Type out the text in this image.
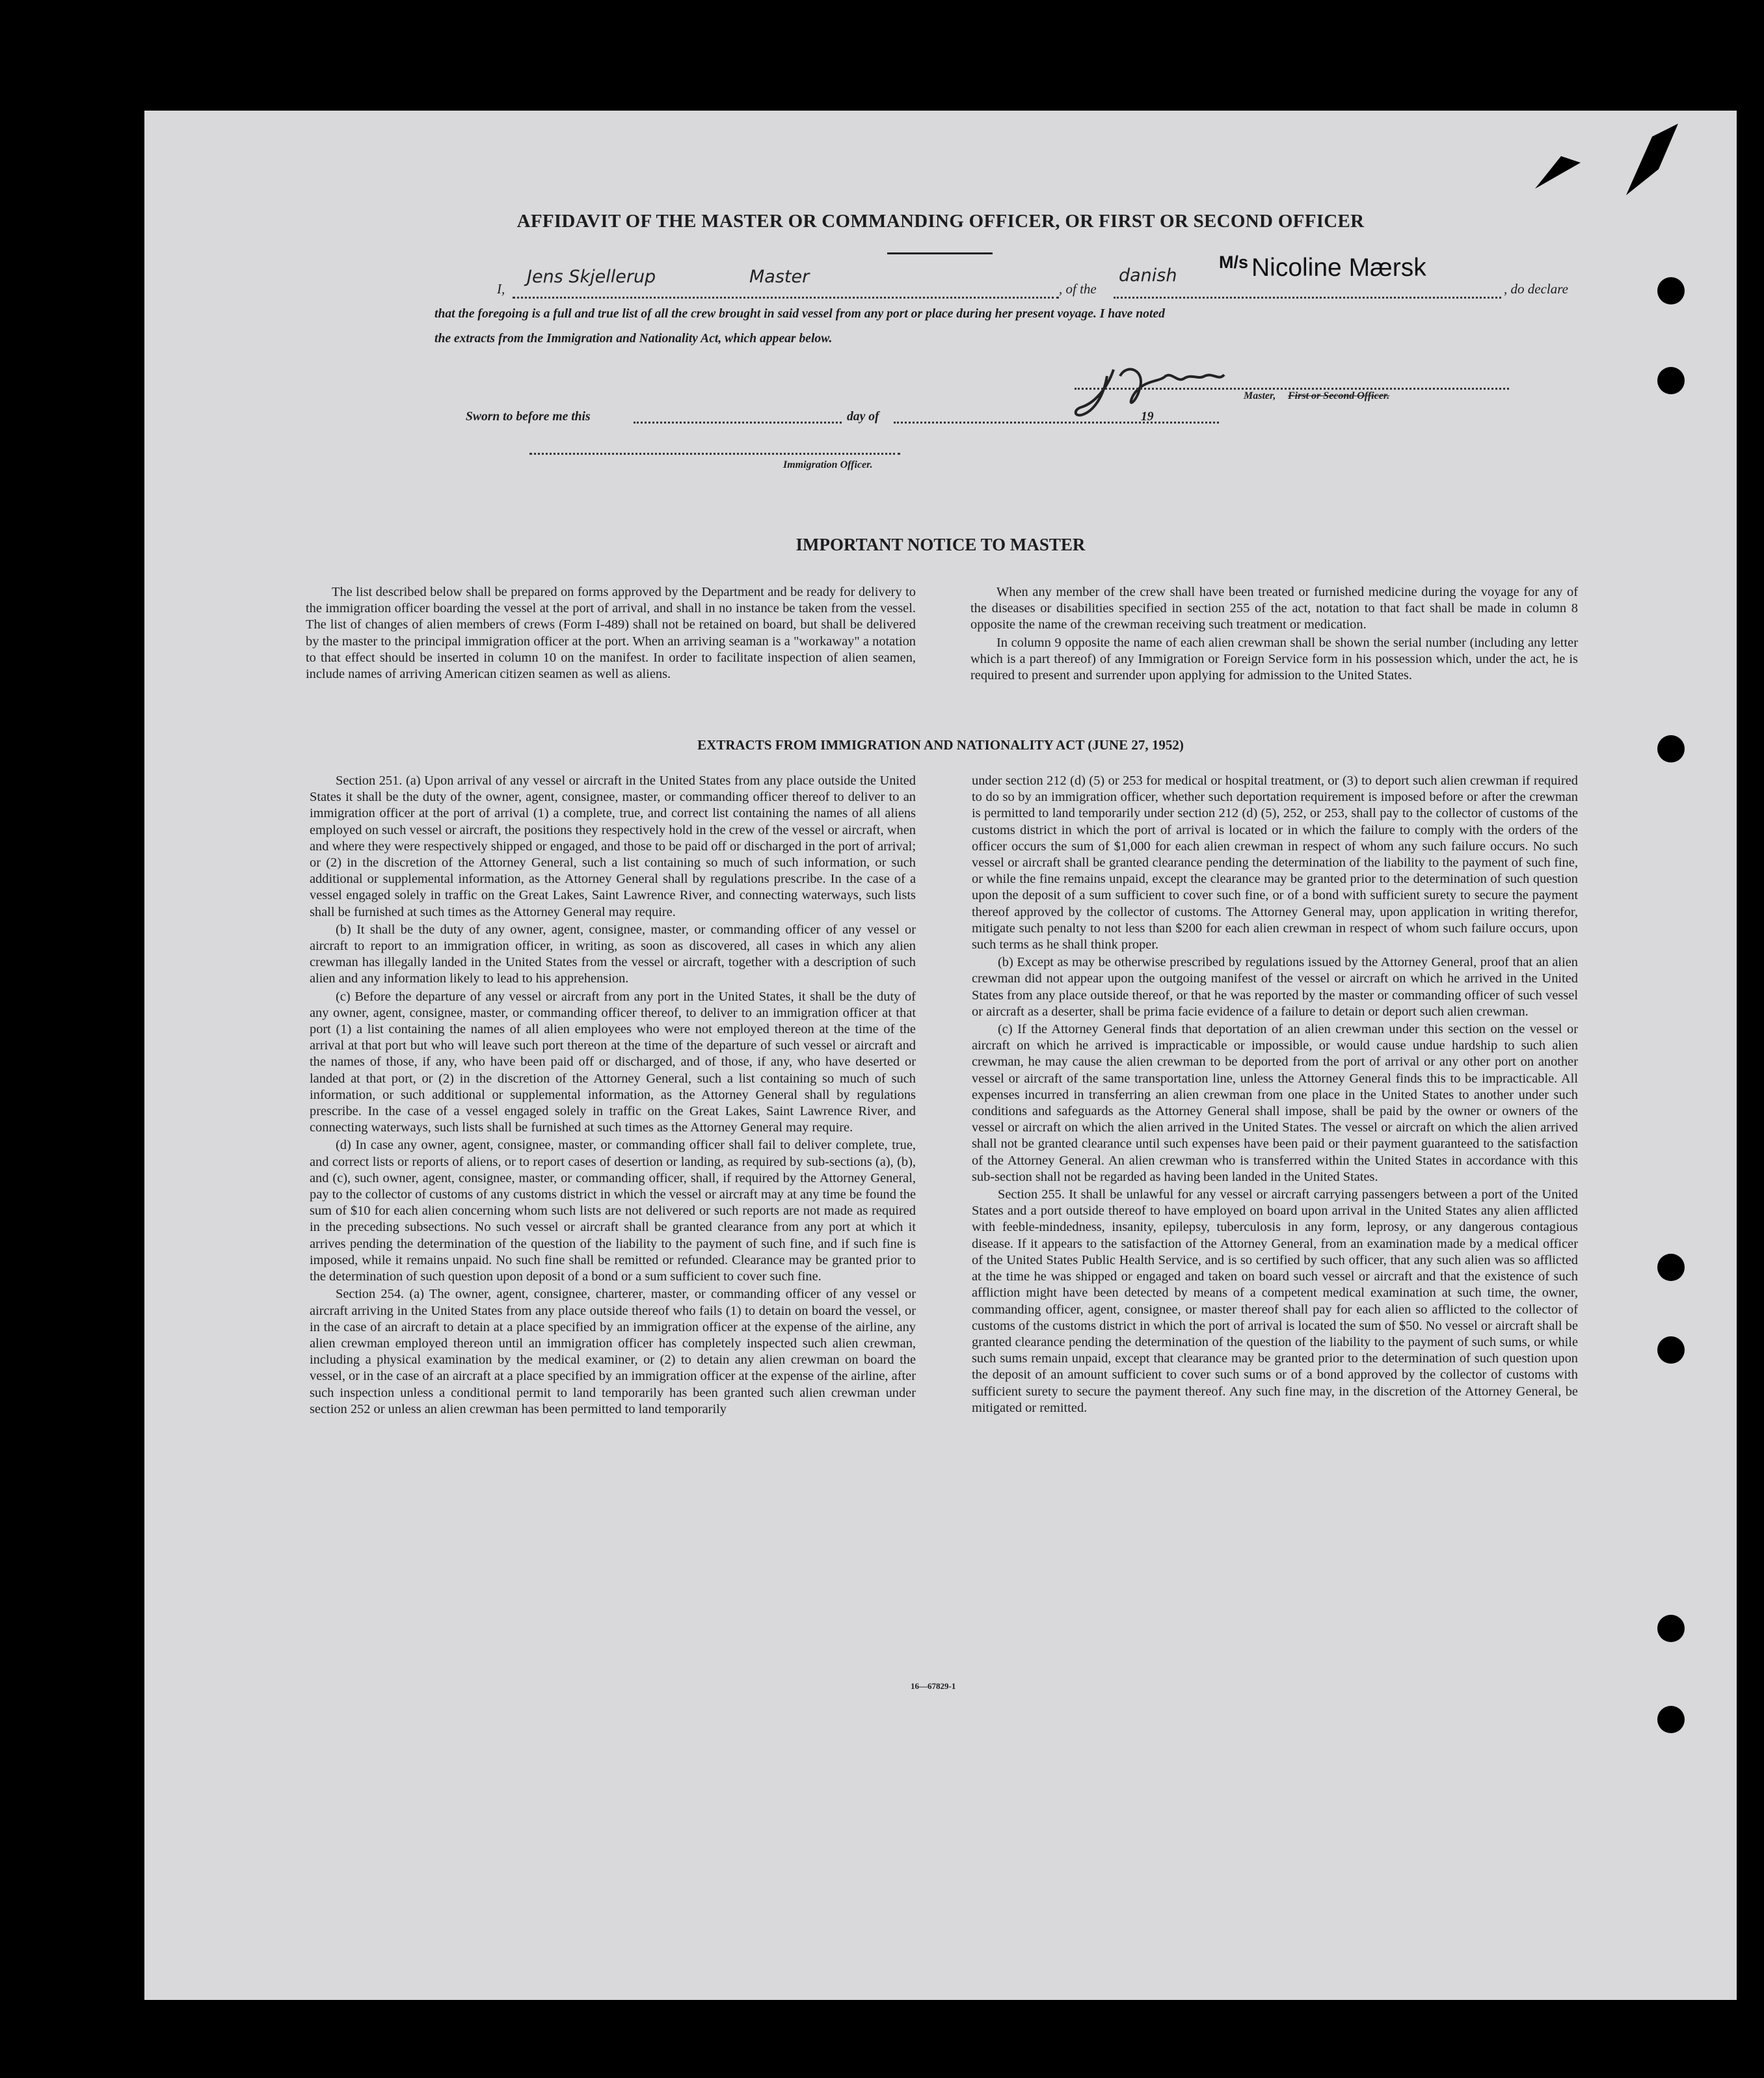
AFFIDAVIT OF THE MASTER OR COMMANDING OFFICER, OR FIRST OR SECOND OFFICER
I,
Jens Skjellerup	Master
, of the
danish
M/s Nicoline Mærsk
, do declare
that the foregoing is a full and true list of all the crew brought in said vessel from any port or place during her present voyage. I have noted
the extracts from the Immigration and Nationality Act, which appear below.
Master, First or Second Officer.
Sworn to before me this	day of	19
Immigration Officer.
IMPORTANT NOTICE TO MASTER

The list described below shall be prepared on forms approved by the Department and be ready for delivery to the immigration officer boarding the vessel at the port of arrival, and shall in no instance be taken from the vessel. The list of changes of alien members of crews (Form I-489) shall not be retained on board, but shall be delivered by the master to the principal immigration officer at the port. When an arriving seaman is a "workaway" a notation to that effect should be inserted in column 10 on the manifest. In order to facilitate inspection of alien seamen, include names of arriving American citizen seamen as well as aliens.

When any member of the crew shall have been treated or furnished medicine during the voyage for any of the diseases or disabilities specified in section 255 of the act, notation to that fact shall be made in column 8 opposite the name of the crewman receiving such treatment or medication.

In column 9 opposite the name of each alien crewman shall be shown the serial number (including any letter which is a part thereof) of any Immigration or Foreign Service form in his possession which, under the act, he is required to present and surrender upon applying for admission to the United States.

EXTRACTS FROM IMMIGRATION AND NATIONALITY ACT (JUNE 27, 1952)

Section 251. (a) Upon arrival of any vessel or aircraft in the United States from any place outside the United States it shall be the duty of the owner, agent, consignee, master, or commanding officer thereof to deliver to an immigration officer at the port of arrival (1) a complete, true, and correct list containing the names of all aliens employed on such vessel or aircraft, the positions they respectively hold in the crew of the vessel or aircraft, when and where they were respectively shipped or engaged, and those to be paid off or discharged in the port of arrival; or (2) in the discretion of the Attorney General, such a list containing so much of such information, or such additional or supplemental information, as the Attorney General shall by regulations prescribe. In the case of a vessel engaged solely in traffic on the Great Lakes, Saint Lawrence River, and connecting waterways, such lists shall be furnished at such times as the Attorney General may require.

(b) It shall be the duty of any owner, agent, consignee, master, or commanding officer of any vessel or aircraft to report to an immigration officer, in writing, as soon as discovered, all cases in which any alien crewman has illegally landed in the United States from the vessel or aircraft, together with a description of such alien and any information likely to lead to his apprehension.

(c) Before the departure of any vessel or aircraft from any port in the United States, it shall be the duty of any owner, agent, consignee, master, or commanding officer thereof, to deliver to an immigration officer at that port (1) a list containing the names of all alien employees who were not employed thereon at the time of the arrival at that port but who will leave such port thereon at the time of the departure of such vessel or aircraft and the names of those, if any, who have been paid off or discharged, and of those, if any, who have deserted or landed at that port, or (2) in the discretion of the Attorney General, such a list containing so much of such information, or such additional or supplemental information, as the Attorney General shall by regulations prescribe. In the case of a vessel engaged solely in traffic on the Great Lakes, Saint Lawrence River, and connecting waterways, such lists shall be furnished at such times as the Attorney General may require.

(d) In case any owner, agent, consignee, master, or commanding officer shall fail to deliver complete, true, and correct lists or reports of aliens, or to report cases of desertion or landing, as required by sub-sections (a), (b), and (c), such owner, agent, consignee, master, or commanding officer, shall, if required by the Attorney General, pay to the collector of customs of any customs district in which the vessel or aircraft may at any time be found the sum of $10 for each alien concerning whom such lists are not delivered or such reports are not made as required in the preceding subsections. No such vessel or aircraft shall be granted clearance from any port at which it arrives pending the determination of the question of the liability to the payment of such fine, and if such fine is imposed, while it remains unpaid. No such fine shall be remitted or refunded. Clearance may be granted prior to the determination of such question upon deposit of a bond or a sum sufficient to cover such fine.

Section 254. (a) The owner, agent, consignee, charterer, master, or commanding officer of any vessel or aircraft arriving in the United States from any place outside thereof who fails (1) to detain on board the vessel, or in the case of an aircraft to detain at a place specified by an immigration officer at the expense of the airline, any alien crewman employed thereon until an immigration officer has completely inspected such alien crewman, including a physical examination by the medical examiner, or (2) to detain any alien crewman on board the vessel, or in the case of an aircraft at a place specified by an immigration officer at the expense of the airline, after such inspection unless a conditional permit to land temporarily has been granted such alien crewman under section 252 or unless an alien crewman has been permitted to land temporarily

under section 212 (d) (5) or 253 for medical or hospital treatment, or (3) to deport such alien crewman if required to do so by an immigration officer, whether such deportation requirement is imposed before or after the crewman is permitted to land temporarily under section 212 (d) (5), 252, or 253, shall pay to the collector of customs of the customs district in which the port of arrival is located or in which the failure to comply with the orders of the officer occurs the sum of $1,000 for each alien crewman in respect of whom any such failure occurs. No such vessel or aircraft shall be granted clearance pending the determination of the liability to the payment of such fine, or while the fine remains unpaid, except the clearance may be granted prior to the determination of such question upon the deposit of a sum sufficient to cover such fine, or of a bond with sufficient surety to secure the payment thereof approved by the collector of customs. The Attorney General may, upon application in writing therefor, mitigate such penalty to not less than $200 for each alien crewman in respect of whom such failure occurs, upon such terms as he shall think proper.

(b) Except as may be otherwise prescribed by regulations issued by the Attorney General, proof that an alien crewman did not appear upon the outgoing manifest of the vessel or aircraft on which he arrived in the United States from any place outside thereof, or that he was reported by the master or commanding officer of such vessel or aircraft as a deserter, shall be prima facie evidence of a failure to detain or deport such alien crewman.

(c) If the Attorney General finds that deportation of an alien crewman under this section on the vessel or aircraft on which he arrived is impracticable or impossible, or would cause undue hardship to such alien crewman, he may cause the alien crewman to be deported from the port of arrival or any other port on another vessel or aircraft of the same transportation line, unless the Attorney General finds this to be impracticable. All expenses incurred in transferring an alien crewman from one place in the United States to another under such conditions and safeguards as the Attorney General shall impose, shall be paid by the owner or owners of the vessel or aircraft on which the alien arrived in the United States. The vessel or aircraft on which the alien arrived shall not be granted clearance until such expenses have been paid or their payment guaranteed to the satisfaction of the Attorney General. An alien crewman who is transferred within the United States in accordance with this sub-section shall not be regarded as having been landed in the United States.

Section 255. It shall be unlawful for any vessel or aircraft carrying passengers between a port of the United States and a port outside thereof to have employed on board upon arrival in the United States any alien afflicted with feeble-mindedness, insanity, epilepsy, tuberculosis in any form, leprosy, or any dangerous contagious disease. If it appears to the satisfaction of the Attorney General, from an examination made by a medical officer of the United States Public Health Service, and is so certified by such officer, that any such alien was so afflicted at the time he was shipped or engaged and taken on board such vessel or aircraft and that the existence of such affliction might have been detected by means of a competent medical examination at such time, the owner, commanding officer, agent, consignee, or master thereof shall pay for each alien so afflicted to the collector of customs of the customs district in which the port of arrival is located the sum of $50. No vessel or aircraft shall be granted clearance pending the determination of the question of the liability to the payment of such sums, or while such sums remain unpaid, except that clearance may be granted prior to the determination of such question upon the deposit of an amount sufficient to cover such sums or of a bond approved by the collector of customs with sufficient surety to secure the payment thereof. Any such fine may, in the discretion of the Attorney General, be mitigated or remitted.

16—67829-1
